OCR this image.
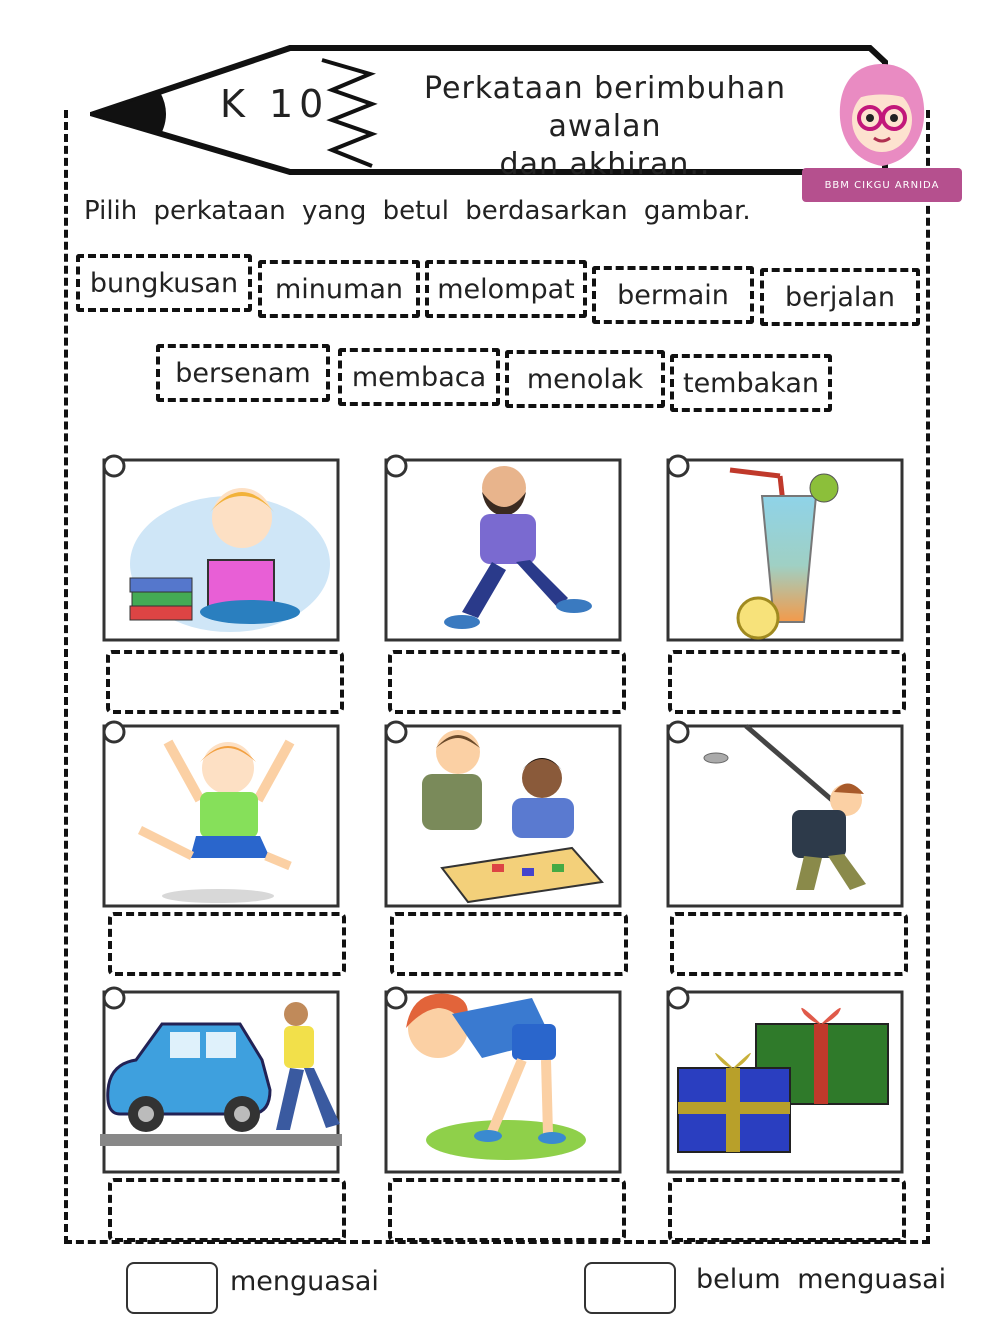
K 10	Perkataan berimbuhan awalan
dan akhiran..
BBM CIKGU ARNIDA
Pilih perkataan yang betul berdasarkan gambar.
bungkusan	minuman	melompat	bermain	berjalan
bersenam	membaca	menolak	tembakan
menguasai	belum menguasai
